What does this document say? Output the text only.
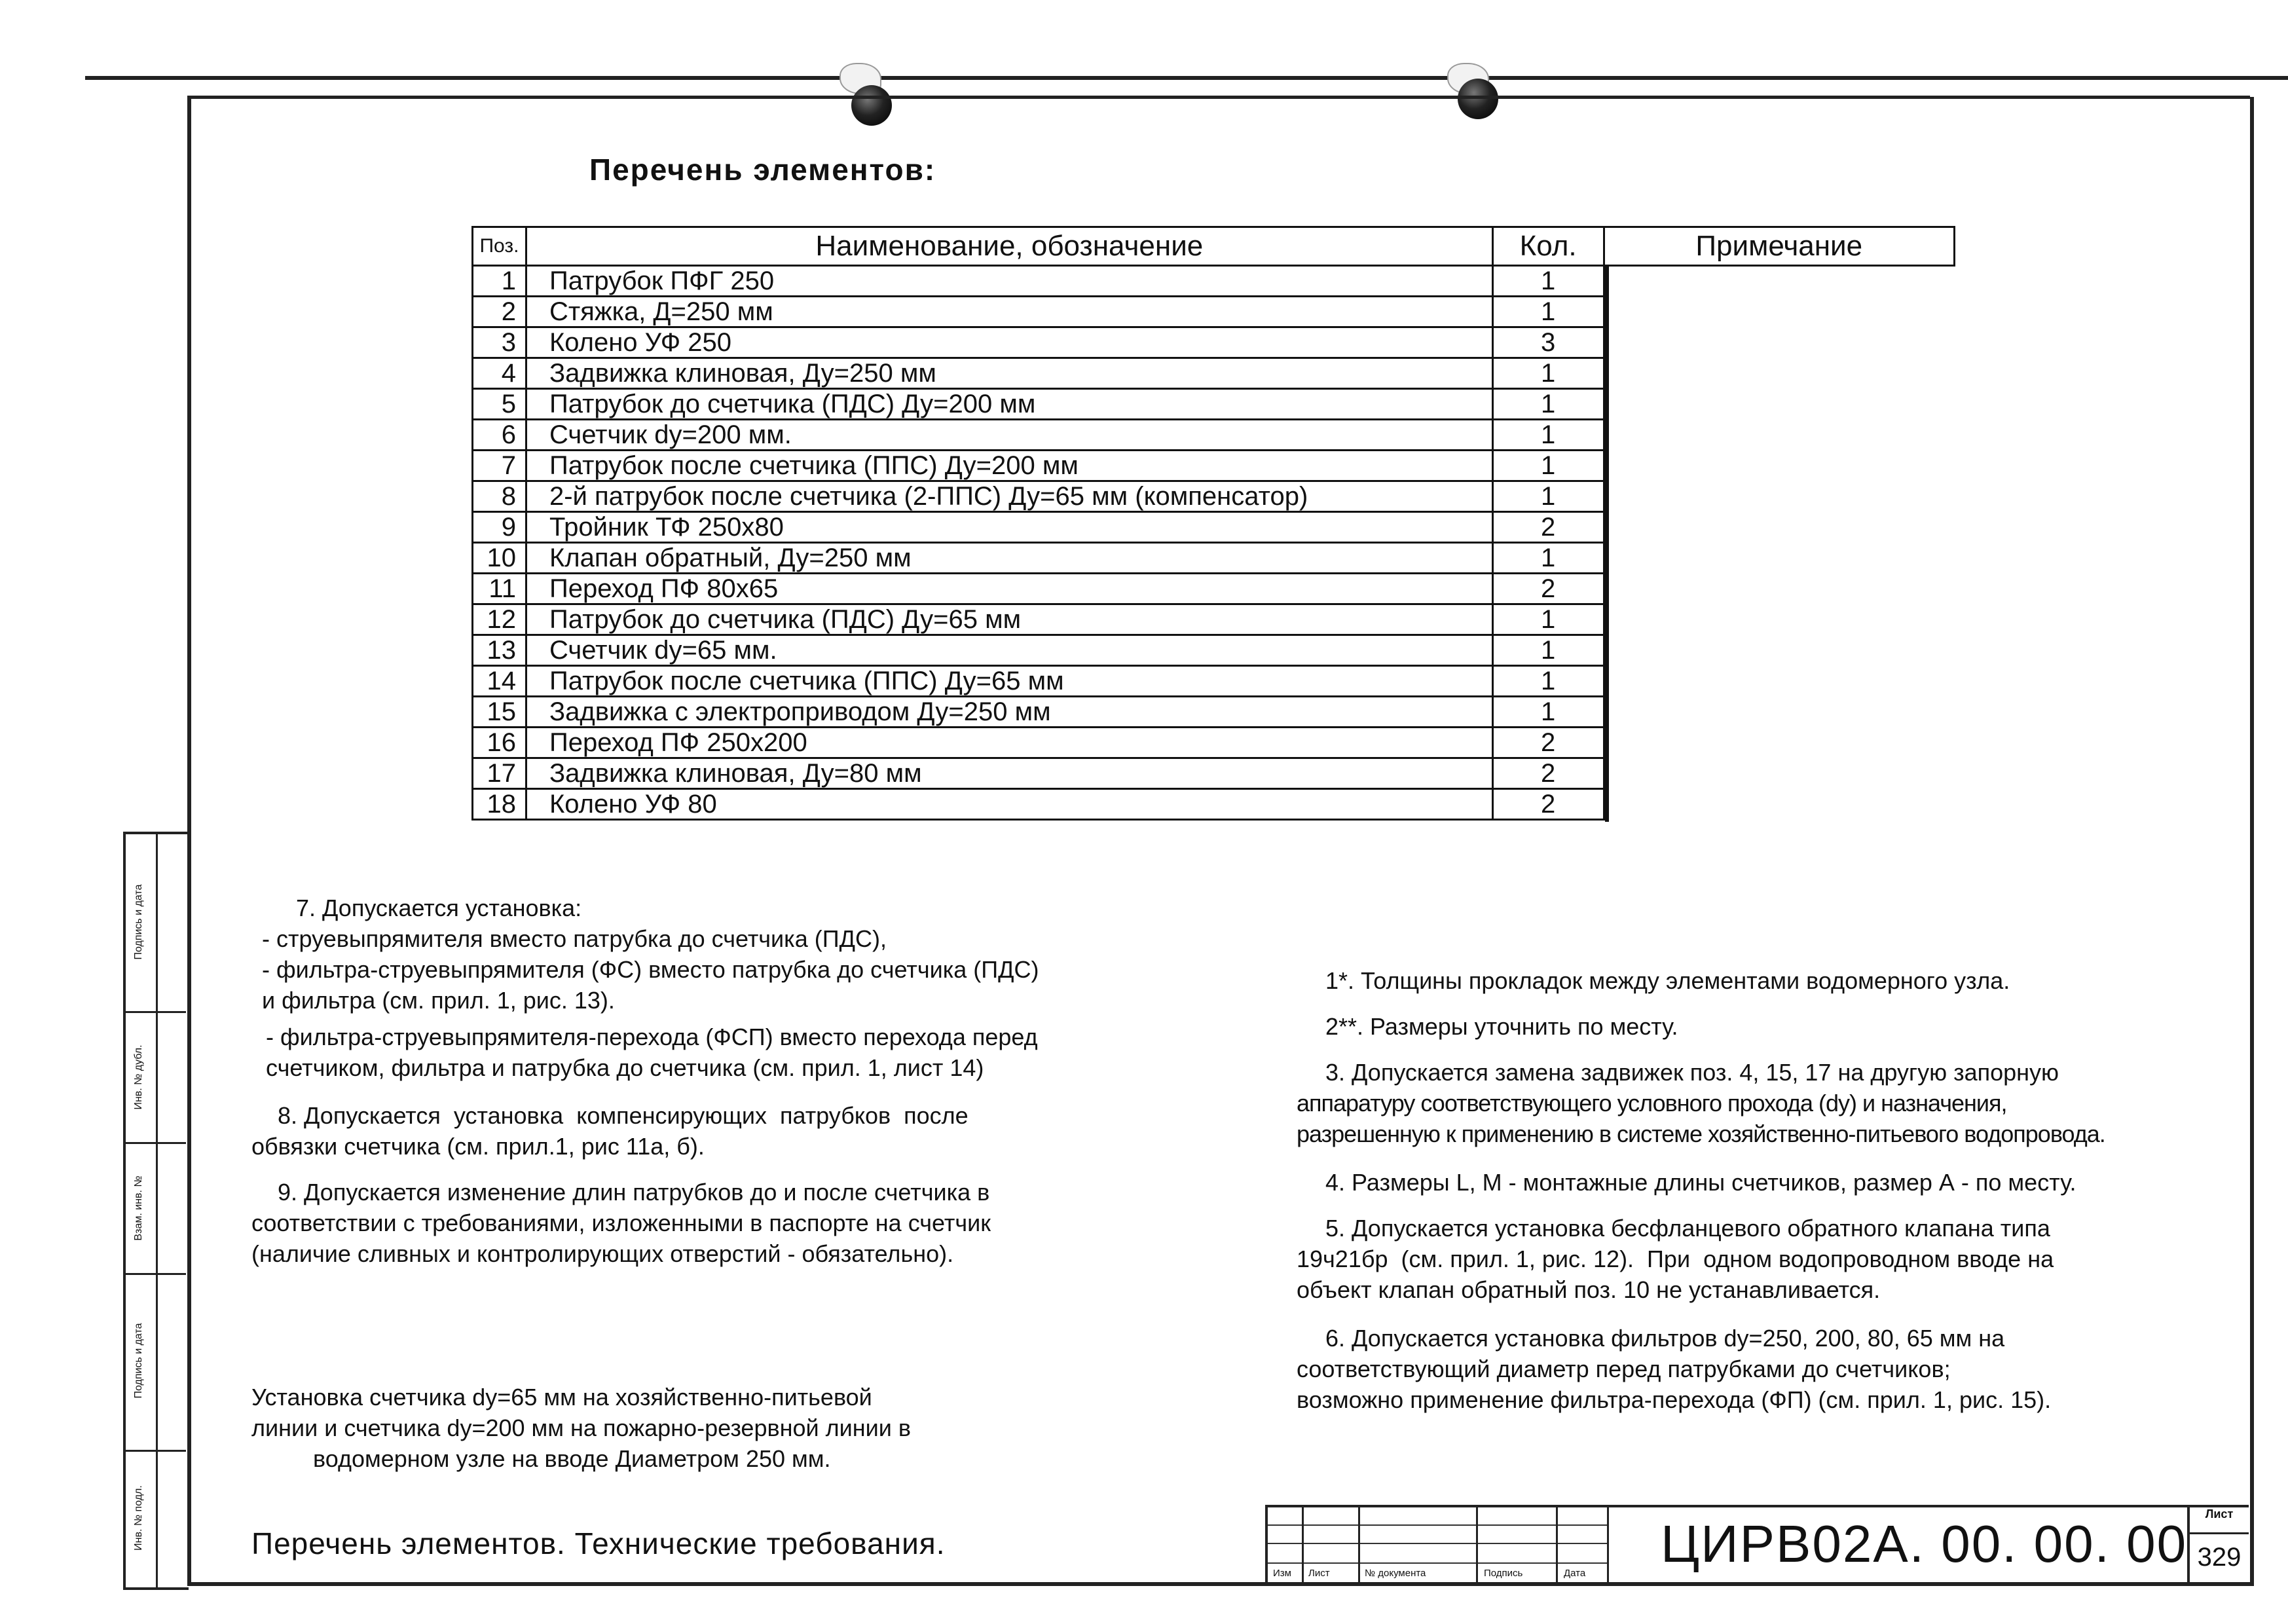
Перечень элементов:
Поз.	Наименование, обозначение	Кол.	Примечание
1	Патрубок ПФГ 250	1	

2	Стяжка, Д=250 мм	1	

3	Колено УФ 250	3	

4	Задвижка клиновая, Ду=250 мм	1	

5	Патрубок до счетчика (ПДС) Ду=200 мм	1	

6	Счетчик dy=200 мм.	1	

7	Патрубок после счетчика (ППС) Ду=200 мм	1	

8	2-й патрубок после счетчика (2-ППС) Ду=65 мм (компенсатор)	1	

9	Тройник ТФ 250х80	2	

10	Клапан обратный, Ду=250 мм	1	

11	Переход ПФ 80х65	2	

12	Патрубок до счетчика (ПДС) Ду=65 мм	1	

13	Счетчик dy=65 мм.	1	

14	Патрубок после счетчика (ППС) Ду=65 мм	1	

15	Задвижка с электроприводом Ду=250 мм	1	

16	Переход ПФ 250х200	2	

17	Задвижка клиновая, Ду=80 мм	2	

18	Колено УФ 80	2	
7. Допускается установка:
- струевыпрямителя вместо патрубка до счетчика (ПДС),
- фильтра-струевыпрямителя (ФС) вместо патрубка до счетчика (ПДС)
и фильтра (см. прил. 1, рис. 13).
- фильтра-струевыпрямителя-перехода (ФСП) вместо перехода перед
счетчиком, фильтра и патрубка до счетчика (см. прил. 1, лист 14)
8. Допускается  установка  компенсирующих  патрубков  после
обвязки счетчика (см. прил.1, рис 11а, б).
9. Допускается изменение длин патрубков до и после счетчика в
соответствии с требованиями, изложенными в паспорте на счетчик
(наличие сливных и контролирующих отверстий - обязательно).
Установка счетчика dy=65 мм на хозяйственно-питьевой
линии и счетчика dy=200 мм на пожарно-резервной линии в
водомерном узле на вводе Диаметром 250 мм.
1*. Толщины прокладок между элементами водомерного узла.
2**. Размеры уточнить по месту.
3. Допускается замена задвижек поз. 4, 15, 17 на другую запорную
аппаратуру соответствующего условного прохода (dy) и назначения,
разрешенную к применению в системе хозяйственно-питьевого водопровода.
4. Размеры L, M - монтажные длины счетчиков, размер А - по месту.
5. Допускается установка бесфланцевого обратного клапана типа
19ч21бр  (см. прил. 1, рис. 12).  При  одном водопроводном вводе на
объект клапан обратный поз. 10 не устанавливается.
6. Допускается установка фильтров dy=250, 200, 80, 65 мм на
соответствующий диаметр перед патрубками до счетчиков;
возможно применение фильтра-перехода (ФП) (см. прил. 1, рис. 15).
Подпись и дата
Инв. № дубл.
Взам. инв. №
Подпись и дата
Инв. № подл.	Перечень элементов. Технические требования.
Изм Лист	№ документа	Подпись	Дата
ЦИРВ02А. 00. 00. 00
Лист
329
